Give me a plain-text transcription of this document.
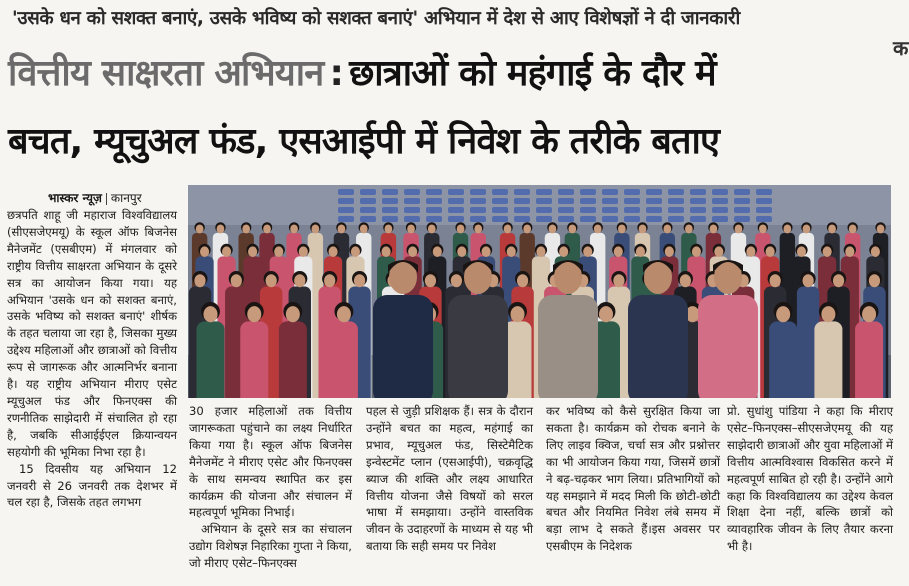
'उसके धन को सशक्त बनाएं, उसके भविष्य को सशक्त बनाएं' अभियान में देश से आए विशेषज्ञों ने दी जानकारी
क
वित्तीय साक्षरता अभियान : छात्राओं को महंगाई के दौर में
बचत, म्यूचुअल फंड, एसआईपी में निवेश के तरीके बताए
भास्कर न्यूज़ कानपुर

छत्रपति शाहू जी महाराज विश्वविद्यालय (सीएसजेएमयू) के स्कूल ऑफ बिजनेस मैनेजमेंट (एसबीएम) में मंगलवार को राष्ट्रीय वित्तीय साक्षरता अभियान के दूसरे सत्र का आयोजन किया गया। यह अभियान 'उसके धन को सशक्त बनाएं, उसके भविष्य को सशक्त बनाएं' शीर्षक के तहत चलाया जा रहा है, जिसका मुख्य उद्देश्य महिलाओं और छात्राओं को वित्तीय रूप से जागरूक और आत्मनिर्भर बनाना है। यह राष्ट्रीय अभियान मीराए एसेट म्यूचुअल फंड और फिनएक्स की रणनीतिक साझेदारी में संचालित हो रहा है, जबकि सीआईईएल क्रियान्वयन सहयोगी की भूमिका निभा रहा है।

15 दिवसीय यह अभियान 12 जनवरी से 26 जनवरी तक देशभर में चल रहा है, जिसके तहत लगभग

30 हजार महिलाओं तक वित्तीय जागरूकता पहुंचाने का लक्ष्य निर्धारित किया गया है। स्कूल ऑफ बिजनेस मैनेजमेंट ने मीराए एसेट और फिनएक्स के साथ समन्वय स्थापित कर इस कार्यक्रम की योजना और संचालन में महत्वपूर्ण भूमिका निभाई।

अभियान के दूसरे सत्र का संचालन उद्योग विशेषज्ञ निहारिका गुप्ता ने किया, जो मीराए एसेट–फिनएक्स

पहल से जुड़ी प्रशिक्षक हैं। सत्र के दौरान उन्होंने बचत का महत्व, महंगाई का प्रभाव, म्यूचुअल फंड, सिस्टेमैटिक इन्वेस्टमेंट प्लान (एसआईपी), चक्रवृद्धि ब्याज की शक्ति और लक्ष्य आधारित वित्तीय योजना जैसे विषयों को सरल भाषा में समझाया। उन्होंने वास्तविक जीवन के उदाहरणों के माध्यम से यह भी बताया कि सही समय पर निवेश

कर भविष्य को कैसे सुरक्षित किया जा सकता है। कार्यक्रम को रोचक बनाने के लिए लाइव क्विज, चर्चा सत्र और प्रश्नोत्तर का भी आयोजन किया गया, जिसमें छात्रों ने बढ़-चढ़कर भाग लिया। प्रतिभागियों को यह समझाने में मदद मिली कि छोटी-छोटी बचत और नियमित निवेश लंबे समय में बड़ा लाभ दे सकते हैं।इस अवसर पर एसबीएम के निदेशक

प्रो. सुधांशु पांडिया ने कहा कि मीराए एसेट–फिनएक्स–सीएसजेएमयू की यह साझेदारी छात्राओं और युवा महिलाओं में वित्तीय आत्मविश्वास विकसित करने में महत्वपूर्ण साबित हो रही है। उन्होंने आगे कहा कि विश्वविद्यालय का उद्देश्य केवल शिक्षा देना नहीं, बल्कि छात्रों को व्यावहारिक जीवन के लिए तैयार करना भी है।
